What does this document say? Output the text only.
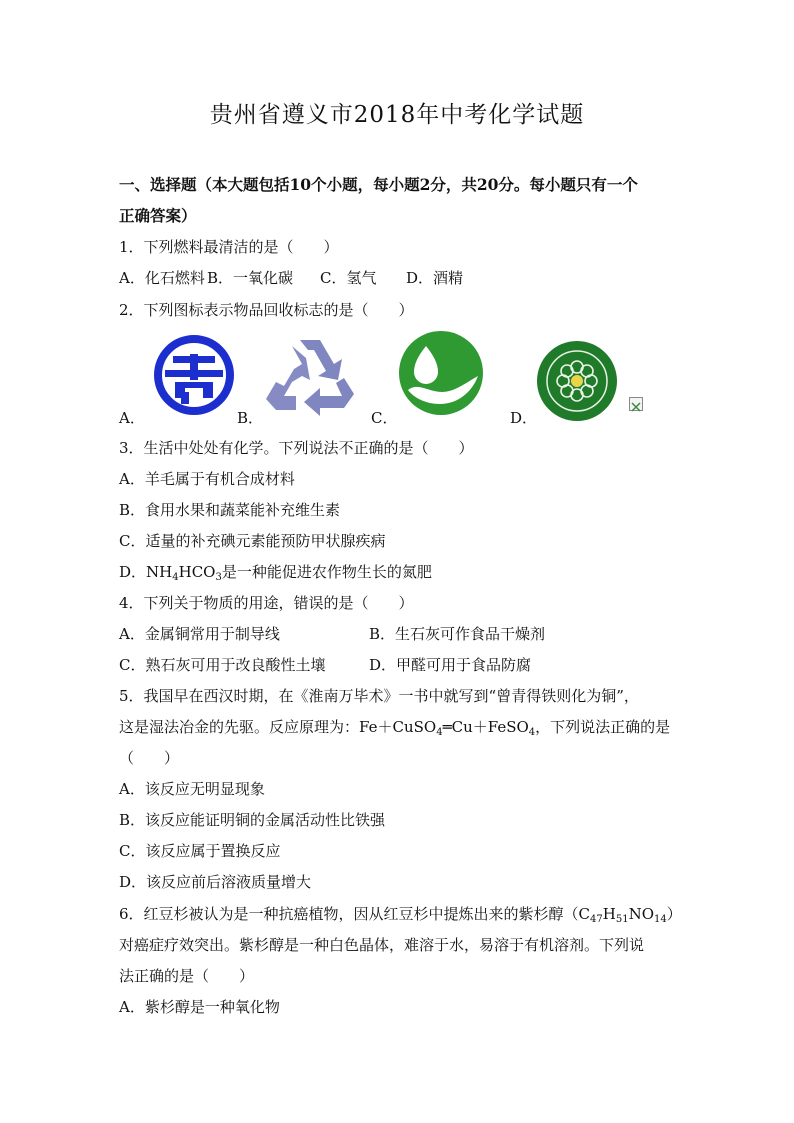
贵州省遵义市2018年中考化学试题
一、选择题（本大题包括10个小题，每小题2分，共20分。每小题只有一个
正确答案）
1．下列燃料最清洁的是（　　）
A．化石燃料 B．一氧化碳 C．氢气 D．酒精
2．下列图标表示物品回收标志的是（　　）
A．	B．	C．	D．
3．生活中处处有化学。下列说法不正确的是（　　）
A．羊毛属于有机合成材料
B．食用水果和蔬菜能补充维生素
C．适量的补充碘元素能预防甲状腺疾病
D．$NH_4HCO_3$是一种能促进农作物生长的氮肥
4．下列关于物质的用途，错误的是（　　）
A．金属铜常用于制导线	B．生石灰可作食品干燥剂
C．熟石灰可用于改良酸性土壤	D．甲醛可用于食品防腐
5．我国早在西汉时期，在《淮南万毕术》一书中就写到“曾青得铁则化为铜”，
这是湿法冶金的先驱。反应原理为：Fe＋CuSO$_4$═Cu＋FeSO$_4$，下列说法正确的是
（　　）
A．该反应无明显现象
B．该反应能证明铜的金属活动性比铁强
C．该反应属于置换反应
D．该反应前后溶液质量增大
6．红豆杉被认为是一种抗癌植物，因从红豆杉中提炼出来的紫杉醇$(C_{47}H_{51}NO_{14})$
对癌症疗效突出。紫杉醇是一种白色晶体，难溶于水，易溶于有机溶剂。下列说
法正确的是（　　）
A．紫杉醇是一种氧化物
